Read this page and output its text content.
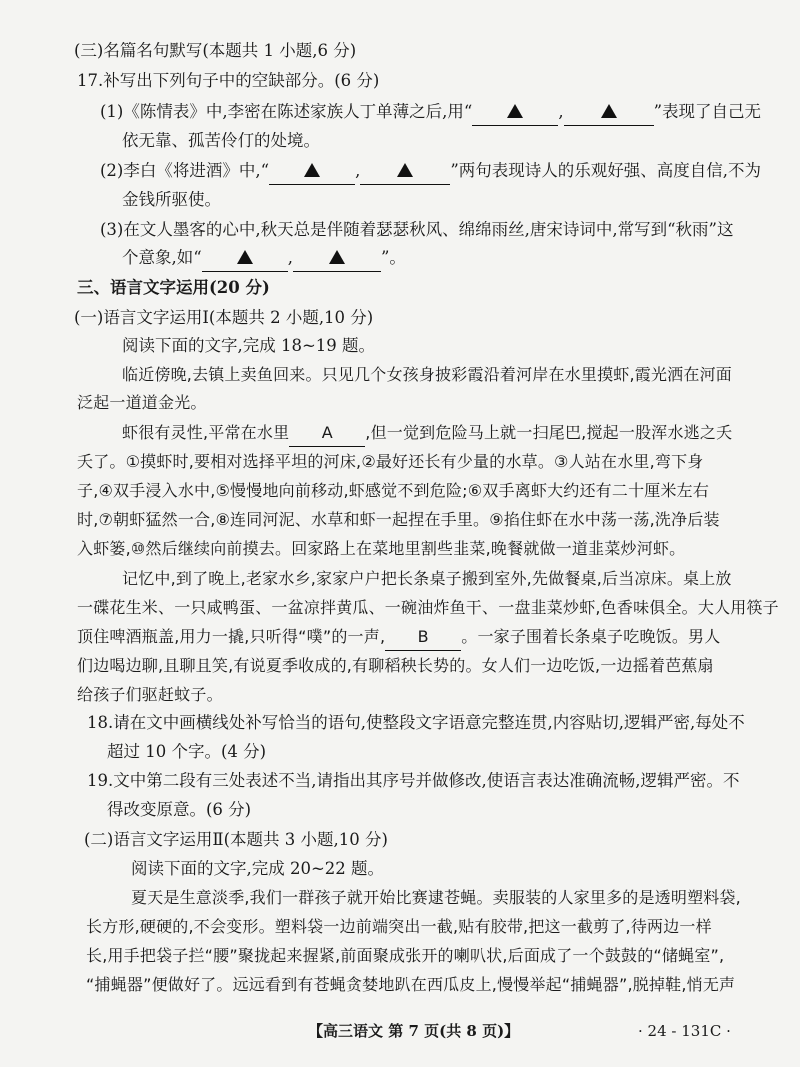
(三)名篇名句默写(本题共 1 小题,6 分)
17.补写出下列句子中的空缺部分。(6 分)
(1)《陈情表》中,李密在陈述家族人丁单薄之后,用“	,	”表现了自己无
依无靠、孤苦伶仃的处境。
(2)李白《将进酒》中,“	,	”两句表现诗人的乐观好强、高度自信,不为
金钱所驱使。
(3)在文人墨客的心中,秋天总是伴随着瑟瑟秋风、绵绵雨丝,唐宋诗词中,常写到“秋雨”这
个意象,如“	,	”。
三、语言文字运用(20 分)
(一)语言文字运用Ⅰ(本题共 2 小题,10 分)
阅读下面的文字,完成 18~19 题。
临近傍晚,去镇上卖鱼回来。只见几个女孩身披彩霞沿着河岸在水里摸虾,霞光洒在河面
泛起一道道金光。
虾很有灵性,平常在水里 A ,但一觉到危险马上就一扫尾巴,搅起一股浑水逃之夭
夭了。①摸虾时,要相对选择平坦的河床,②最好还长有少量的水草。③人站在水里,弯下身
子,④双手浸入水中,⑤慢慢地向前移动,虾感觉不到危险;⑥双手离虾大约还有二十厘米左右
时,⑦朝虾猛然一合,⑧连同河泥、水草和虾一起捏在手里。⑨掐住虾在水中荡一荡,洗净后装
入虾篓,⑩然后继续向前摸去。回家路上在菜地里割些韭菜,晚餐就做一道韭菜炒河虾。
记忆中,到了晚上,老家水乡,家家户户把长条桌子搬到室外,先做餐桌,后当凉床。桌上放
一碟花生米、一只咸鸭蛋、一盆凉拌黄瓜、一碗油炸鱼干、一盘韭菜炒虾,色香味俱全。大人用筷子
顶住啤酒瓶盖,用力一撬,只听得“噗”的一声, B 。一家子围着长条桌子吃晚饭。男人
们边喝边聊,且聊且笑,有说夏季收成的,有聊稻秧长势的。女人们一边吃饭,一边摇着芭蕉扇
给孩子们驱赶蚊子。
18.请在文中画横线处补写恰当的语句,使整段文字语意完整连贯,内容贴切,逻辑严密,每处不
超过 10 个字。(4 分)
19.文中第二段有三处表述不当,请指出其序号并做修改,使语言表达准确流畅,逻辑严密。不
得改变原意。(6 分)
(二)语言文字运用Ⅱ(本题共 3 小题,10 分)
阅读下面的文字,完成 20~22 题。
夏天是生意淡季,我们一群孩子就开始比赛逮苍蝇。卖服装的人家里多的是透明塑料袋,
长方形,硬硬的,不会变形。塑料袋一边前端突出一截,贴有胶带,把这一截剪了,待两边一样
长,用手把袋子拦“腰”聚拢起来握紧,前面聚成张开的喇叭状,后面成了一个鼓鼓的“储蝇室”,
“捕蝇器”便做好了。远远看到有苍蝇贪婪地趴在西瓜皮上,慢慢举起“捕蝇器”,脱掉鞋,悄无声
【高三语文 第 7 页(共 8 页)】	· 24 - 131C ·
